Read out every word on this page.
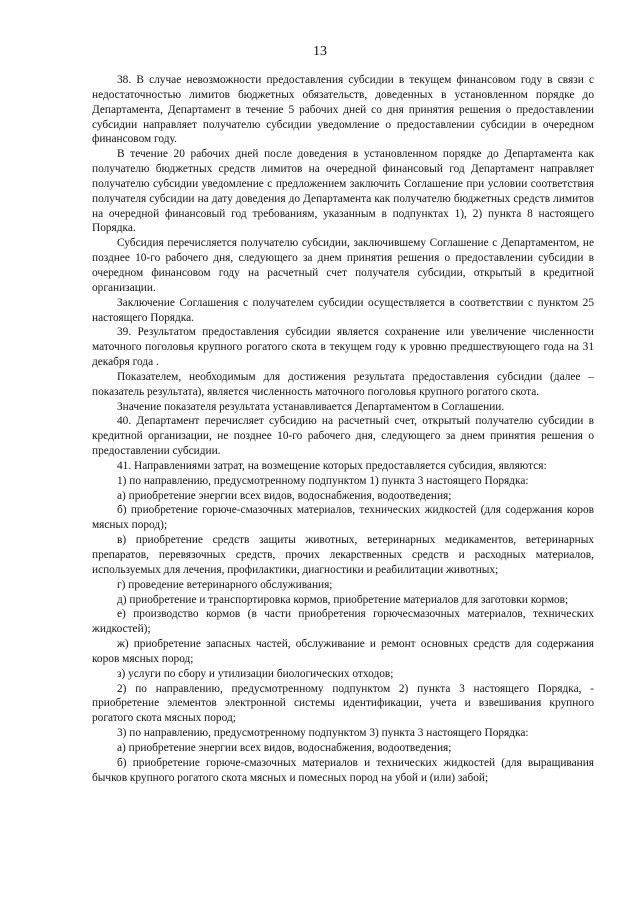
13

38. В случае невозможности предоставления субсидии в текущем финансовом году в связи с недостаточностью лимитов бюджетных обязательств, доведенных в установленном порядке до Департамента, Департамент в течение 5 рабочих дней со дня принятия решения о предоставлении субсидии направляет получателю субсидии уведомление о предоставлении субсидии в очередном финансовом году.

В течение 20 рабочих дней после доведения в установленном порядке до Департамента как получателю бюджетных средств лимитов на очередной финансовый год Департамент направляет получателю субсидии уведомление с предложением заключить Соглашение при условии соответствия получателя субсидии на дату доведения до Департамента как получателю бюджетных средств лимитов на очередной финансовый год требованиям, указанным в подпунктах 1), 2) пункта 8 настоящего Порядка.

Субсидия перечисляется получателю субсидии, заключившему Соглашение с Департаментом, не позднее 10-го рабочего дня, следующего за днем принятия решения о предоставлении субсидии в очередном финансовом году на расчетный счет получателя субсидии, открытый в кредитной организации.

Заключение Соглашения с получателем субсидии осуществляется в соответствии с пунктом 25 настоящего Порядка.

39. Результатом предоставления субсидии является сохранение или увеличение численности маточного поголовья крупного рогатого скота в текущем году к уровню предшествующего года на 31 декабря года .

Показателем, необходимым для достижения результата предоставления субсидии (далее – показатель результата), является численность маточного поголовья крупного рогатого скота.

Значение показателя результата устанавливается Департаментом в Соглашении.

40. Департамент перечисляет субсидию на расчетный счет, открытый получателю субсидии в кредитной организации, не позднее 10-го рабочего дня, следующего за днем принятия решения о предоставлении субсидии.

41. Направлениями затрат, на возмещение которых предоставляется субсидия, являются:

1) по направлению, предусмотренному подпунктом 1) пункта 3 настоящего Порядка:

а) приобретение энергии всех видов, водоснабжения, водоотведения;

б) приобретение горюче-смазочных материалов, технических жидкостей (для содержания коров мясных пород);

в) приобретение средств защиты животных, ветеринарных медикаментов, ветеринарных препаратов, перевязочных средств, прочих лекарственных средств и расходных материалов, используемых для лечения, профилактики, диагностики и реабилитации животных;

г) проведение ветеринарного обслуживания;

д) приобретение и транспортировка кормов, приобретение материалов для заготовки кормов;

е) производство кормов (в части приобретения горючесмазочных материалов, технических жидкостей);

ж) приобретение запасных частей, обслуживание и ремонт основных средств для содержания коров мясных пород;

з) услуги по сбору и утилизации биологических отходов;

2) по направлению, предусмотренному подпунктом 2) пункта 3 настоящего Порядка, - приобретение элементов электронной системы идентификации, учета и взвешивания крупного рогатого скота мясных пород;

3) по направлению, предусмотренному подпунктом 3) пункта 3 настоящего Порядка:

а) приобретение энергии всех видов, водоснабжения, водоотведения;

б) приобретение горюче-смазочных материалов и технических жидкостей (для выращивания бычков крупного рогатого скота мясных и помесных пород на убой и (или) забой;
